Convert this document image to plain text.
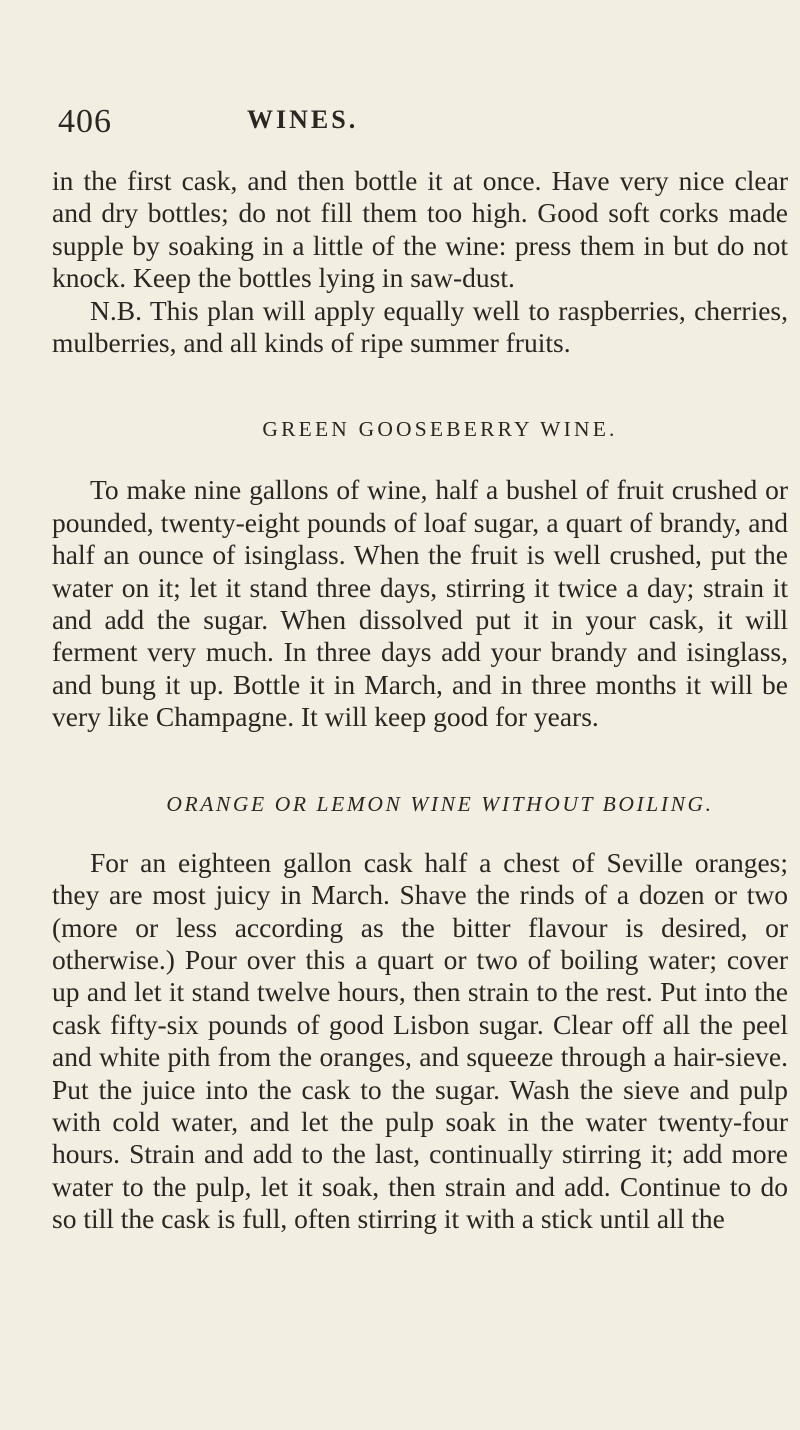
406	WINES.

in the first cask, and then bottle it at once. Have very nice clear and dry bottles; do not fill them too high. Good soft corks made supple by soaking in a little of the wine: press them in but do not knock. Keep the bottles lying in saw-dust.

N.B. This plan will apply equally well to raspberries, cherries, mulberries, and all kinds of ripe summer fruits.

GREEN GOOSEBERRY WINE.

To make nine gallons of wine, half a bushel of fruit crushed or pounded, twenty-eight pounds of loaf sugar, a quart of brandy, and half an ounce of isinglass. When the fruit is well crushed, put the water on it; let it stand three days, stirring it twice a day; strain it and add the sugar. When dissolved put it in your cask, it will ferment very much. In three days add your brandy and isinglass, and bung it up. Bottle it in March, and in three months it will be very like Champagne. It will keep good for years.

ORANGE OR LEMON WINE WITHOUT BOILING.

For an eighteen gallon cask half a chest of Seville oranges; they are most juicy in March. Shave the rinds of a dozen or two (more or less according as the bitter flavour is desired, or otherwise.) Pour over this a quart or two of boiling water; cover up and let it stand twelve hours, then strain to the rest. Put into the cask fifty-six pounds of good Lisbon sugar. Clear off all the peel and white pith from the oranges, and squeeze through a hair-sieve. Put the juice into the cask to the sugar. Wash the sieve and pulp with cold water, and let the pulp soak in the water twenty-four hours. Strain and add to the last, continually stirring it; add more water to the pulp, let it soak, then strain and add. Continue to do so till the cask is full, often stirring it with a stick until all the
